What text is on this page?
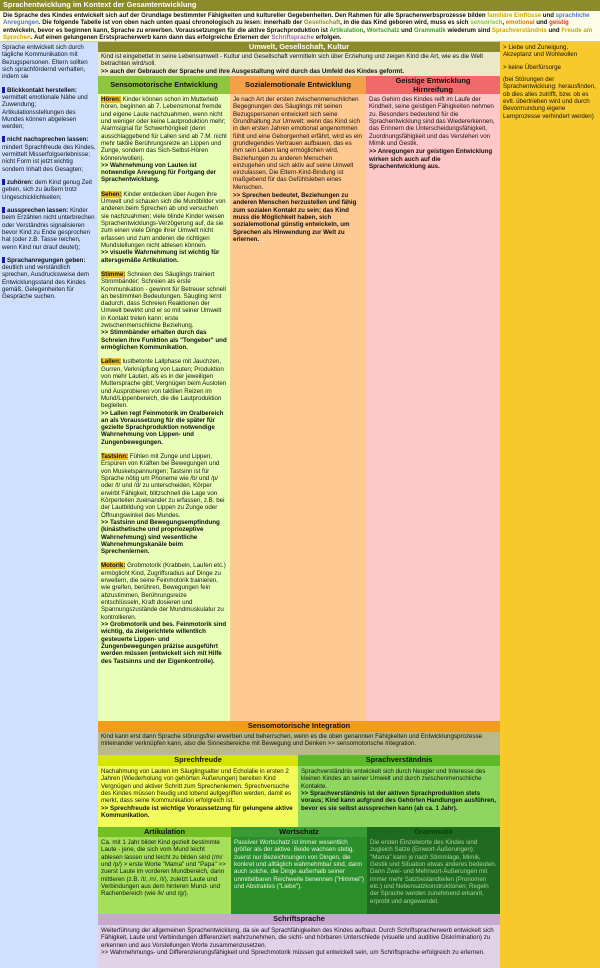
Sprachentwicklung im Kontext der Gesamtentwicklung
Die Sprache des Kindes entwickelt sich auf der Grundlage bestimmter Fähigkeiten und kultureller Gegebenheiten. Den Rahmen für alle Spracherwerbsprozesse bilden familiäre Einflüsse und sprachliche Anregungen. Die folgende Tabelle ist von oben nach unten quasi chronologisch zu lesen: innerhalb der Gesellschaft, in die das Kind geboren wird, muss es sich sensorisch, emotional und geistig entwickeln, bevor es beginnen kann, Sprache zu erwerben. Voraussetzungen für die aktive Sprachproduktion ist Artikulation, Wortschatz und Grammatik wiederum sind Sprachverständnis und Freude am Sprechen. Auf einen gelungenen Erstspracherwerb kann dann das erfolgreiche Erlernen der Schriftsprache erfolgen.
Sprache entwickelt sich durch tägliche Kommunikation mit Bezugspersonen. Eltern sollten sich sprachfördernd verhalten, indem sie
Blickkontakt herstellen: vermittelt emotionale Nähe und Zuwendung; Artikulationsstellungen des Mundes können abgelesen werden;
nicht nachsprechen lassen: mindert Sprachfreude des Kindes, vermittelt Misserfolgserlebnisse; nicht Form ist jetzt wichtig sondern Inhalt des Gesagten;
zuhören: dem Kind genug Zeit geben, sich zu äußern trotz Ungeschicklichkeiten;
aussprechen lassen: Kinder beim Erzählen nicht unterbrechen oder Verständnis signalisieren bevor Kind zu Ende gesprochen hat (oder z.B. Tasse reichen, wenn Kind nur drauf deutet);
Sprachanregungen geben: deutlich und verständlich sprechen, Ausdrucksweise dem Entwicklungsstand des Kindes gemäß, Gelegenheiten für Gespräche suchen.
> Liebe und Zuneigung, Akzeptanz und Wohlwollen
> keine Überfürsorge
(bei Störungen der Sprachentwicklung: herausfinden, ob dies alles zutrifft, bzw. ob es evtl. übertrieben wird und durch Bevormundung eigene Lernprozesse verhindert werden)
Umwelt, Gesellschaft, Kultur
Kind ist eingebettet in seine Lebensumwelt - Kultur und Gesellschaft vermitteln sich über Erziehung und zeigen Kind die Art, wie es die Welt betrachten wird/soll.
>> auch der Gebrauch der Sprache und ihre Ausgestaltung wird durch das Umfeld des Kindes geformt.
Sensomotorische Entwicklung

Hören: Kinder können schon im Mutterleib hören, beginnen ab 7. Lebensmonat fremde und eigene Laute nachzuahmen, wenn nicht und weniger oder keine Lautproduktion mehr; Alarmsignal für Schwerhörigkeit (denn ausschlaggebend für Lallen sind ab 7.M. nicht mehr taktile Berührungsreize an Lippen und Zunge, sondern das Sich-Selbst-Hören können/wollen).
>> Wahrnehmung von Lauten ist notwendige Anregung für Fortgang der Sprachentwicklung.

Sehen: Kinder entdecken über Augen ihre Umwelt und schauen sich die Mundbilder von anderen beim Sprechen ab und versuchen sie nachzuahmen; viele blinde Kinder weisen Sprachentwicklungs-Verzögerung auf, da sie zum einen viele Dinge ihrer Umwelt nicht erfassen und zum anderen die richtigen Mundstellungen nicht ablesen können.
>> visuelle Wahrnehmung ist wichtig für altersgemäße Artikulation.

Stimme: Schreien des Säuglings trainiert Stimmbänder; Schreien als erste Kommunikation - gewinnt für Betreuer schnell an bestimmten Bedeutungen, Säugling lernt dadurch, dass Schreien Reaktionen der Umwelt bewirkt und er so mit seiner Umwelt in Kontakt treten kann; erste zwischenmenschliche Beziehung.
>> Stimmbänder erhalten durch das Schreien ihre Funktion als "Tongeber" und ermöglichen Kommunikation.

Lallen: lustbetonte Lallphase mit Jauchzen, Gurren, Verknüpfung von Lauten; Produktion von mehr Lauten, als es in der jeweiligen Muttersprache gibt; Vergnügen beim Ausloten und Ausprobieren von taktilen Reizen im Mund/Lippenbereich, die die Lautproduktion begleiten.
>> Lallen regt Feinmotorik im Oralbereich an als Voraussetzung für die später für gezielte Sprachproduktion notwendige Wahrnehmung von Lippen- und Zungenbewegungen.

Tastsinn: Fühlen mit Zunge und Lippen, Erspüren von Kräften bei Bewegungen und von Muskelspannungen; Tastsinn ist für Sprache nötig um Phoneme wie /b/ und /p/ oder /t/ und /d/ zu unterscheiden, Körper erwirbt Fähigkeit, blitzschnell die Lage von Körperteilen zueinander zu erfassen, z.B. bei der Lautbildung von Lippen zu Zunge oder Öffnungswinkel des Mundes.
>> Tastsinn und Bewegungsempfindung (kinästhetische und propriozeptive Wahrnehmung) sind wesentliche Wahrnehmungskanäle beim Sprechenlernen.

Motorik: Grobmotorik (Krabbeln, Laufen etc.) ermöglicht Kind, Zugriffsradius auf Dinge zu erweitern, die seine Feinmotorik trainieren, wie greifen, berühren, Bewegungen fein abzustimmen, Berührungsreize entschlüsseln, Kraft dosieren und Spannungszustände der Mundmuskulatur zu kontrollieren.
>> Grobmotorik und bes. Feinmotorik sind wichtig, da zielgerichtete willentlich gesteuerte Lippen- und Zungenbewegungen präzise ausgeführt werden müssen (entwickelt sich mit Hilfe des Tastsinns und der Eigenkontrolle).

Sozialemotionale Entwicklung

Je nach Art der ersten zwischenmenschlichen Begegnungen des Säuglings mit seinen Bezugspersonen entwickelt sich seine Grundhaltung zur Umwelt; wenn das Kind sich in den ersten Jahren emotional angenommen fühlt und eine Geborgenheit erfährt, wird es ein grundlegendes Vertrauen aufbauen, das es ihm sein Leben lang ermöglichen wird, Beziehungen zu anderen Menschen einzugehen und sich aktiv auf seine Umwelt einzulassen. Die Eltern-Kind-Bindung ist maßgebend für das Gefühlsleben eines Menschen.

>> Sprechen bedeutet, Beziehungen zu anderen Menschen herzustellen und fähig zum sozialen Kontakt zu sein; das Kind muss die Möglichkeit haben, sich sozialemotional günstig entwickeln, um Sprechen als Hinwendung zur Welt zu erlernen.

Geistige Entwicklung
Hirnreifung

Das Gehirn des Kindes reift im Laufe der Kindheit, seine geistigen Fähigkeiten nehmen zu. Besonders bedeutend für die Sprachentwicklung sind das Wiedererkennen, das Erinnern die Unterscheidungsfähigkeit, Zuordnungsfähigkeit und das Verstehen von Mimik und Gestik.

>> Anregungen zur geistigen Entwicklung wirken sich auch auf die Sprachentwicklung aus.

Sensomotorische Integration
Kind kann erst dann Sprache störungsfrei erwerben und beherrschen, wenn es die oben genannten Fähigkeiten und Entwicklungsprozesse miteinander verknüpfen kann, also die Sinnesbereiche mit Bewegung und Denken >> sensomotorische Integration.
Sprechfreude
Nachahmung von Lauten im Säuglingsalter und Echolalie in ersten 2 Jahren (Wiederholung von gehörten Äußerungen) bereiten Kind Vergnügen und aktiver Schritt zum Sprechenlernen. Sprechversuche des Kindes müssen freudig und lobend aufgegriffen werden, damit es merkt, dass seine Kommunikation erfolgreich ist.
>> Sprechfreude ist wichtige Voraussetzung für gelungene aktive Kommunikation.
Sprachverständnis
Sprachverständnis entwickelt sich durch Neugier und Interesse des kleinen Kindes an seiner Umwelt und durch zwischenmenschliche Kontakte.
>> Sprachverständnis ist der aktiven Sprachproduktion stets voraus; Kind kann aufgrund des Gehörten Handlungen ausführen, bevor es sie selbst aussprechen kann (ab ca. 1 Jahr).
Artikulation
Ca. mit 1 Jahr bildet Kind gezielt bestimmte Laute - jene, die sich vom Mund leicht ablesen lassen und leicht zu bilden sind (/m/ und /p/) > erste Worte "Mama" und "Papa" >> zuerst Laute im vorderen Mundbereich, dann mittleren (z.B. /t/, /n/, /l/), zuletzt Laute und Verbindungen aus dem hinteren Mund- und Rachenbereich (wie /k/ und /g/).
Wortschatz
Passiver Wortschatz ist immer wesentlich größer als der aktive. Beide wachsen stetig, zuerst nur Bezeichnungen von Dingen, die konkret und alltäglich wahrnehmbar sind, dann auch solche, die Dinge außerhalb seiner unmittelbaren Reichweite benennen ("Himmel") und Abstraktes ("Liebe").
Grammatik
Die ersten Einzelworte des Kindes sind zugleich Satze (Einwort-Äußerungen): "Mama" kann je nach Stimmlage, Mimik, Gestik und Situation etwas anderes bedeuten. Dann Zwei- und Mehrwort-Äußerungen mit immer mehr Satzbestandteilen (Pronomen etc.) und Nebensatzkonstruktionen; Regeln der Sprache werden zunehmend erkannt, erprobt und angewendet.
Schriftsprache
Weiterführung der allgemeinen Sprachentwicklung, da sie auf Sprachfähigkeiten des Kindes aufbaut. Durch Schriftspracherwerb entwickelt sich Fähigkeit, Laute und Verbindungen differenziert wahrzunehmen, die sicht- und hörbaren Unterschiede (visuelle und auditive Diskrimination) zu erkennen und aus Vorstellungen Worte zusammenzusetzen.
>> Wahrnehmungs- und Differenzierungsfähigkeit und Sprechmotorik müssen gut entwickelt sein, um Schriftsprache erfolgreich zu erlernen.
